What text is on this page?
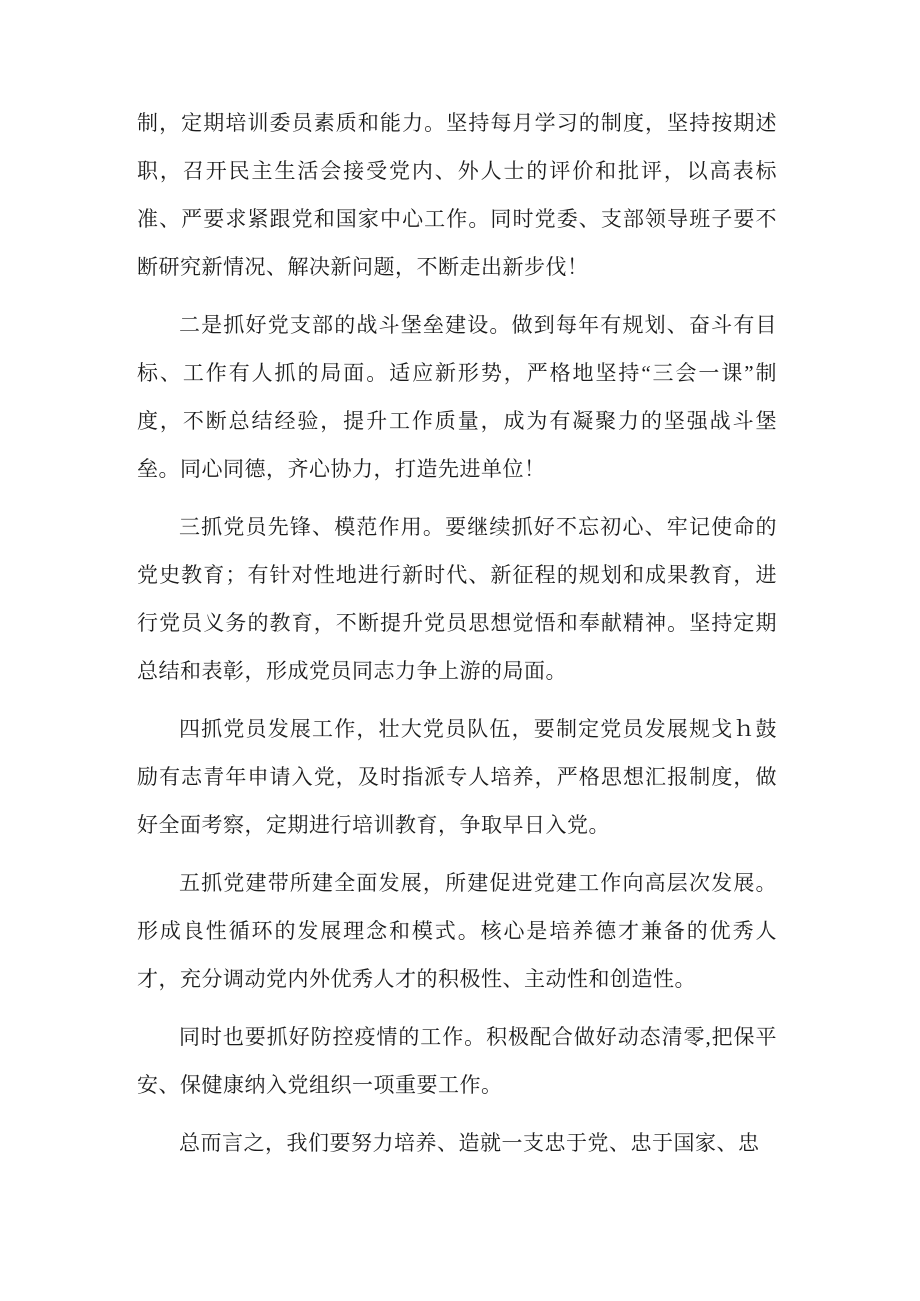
制，定期培训委员素质和能力。坚持每月学习的制度，坚持按期述职，召开民主生活会接受党内、外人士的评价和批评，以高表标准、严要求紧跟党和国家中心工作。同时党委、支部领导班子要不断研究新情况、解决新问题，不断走出新步伐！

二是抓好党支部的战斗堡垒建设。做到每年有规划、奋斗有目标、工作有人抓的局面。适应新形势，严格地坚持“三会一课”制度，不断总结经验，提升工作质量，成为有凝聚力的坚强战斗堡垒。同心同德，齐心协力，打造先进单位！

三抓党员先锋、模范作用。要继续抓好不忘初心、牢记使命的党史教育；有针对性地进行新时代、新征程的规划和成果教育，进行党员义务的教育，不断提升党员思想觉悟和奉献精神。坚持定期总结和表彰，形成党员同志力争上游的局面。

四抓党员发展工作，壮大党员队伍，要制定党员发展规戈ｈ鼓励有志青年申请入党，及时指派专人培养，严格思想汇报制度，做好全面考察，定期进行培训教育，争取早日入党。

五抓党建带所建全面发展，所建促进党建工作向高层次发展。形成良性循环的发展理念和模式。核心是培养德才兼备的优秀人才，充分调动党内外优秀人才的积极性、主动性和创造性。

同时也要抓好防控疫情的工作。积极配合做好动态清零,把保平安、保健康纳入党组织一项重要工作。

总而言之，我们要努力培养、造就一支忠于党、忠于国家、忠
